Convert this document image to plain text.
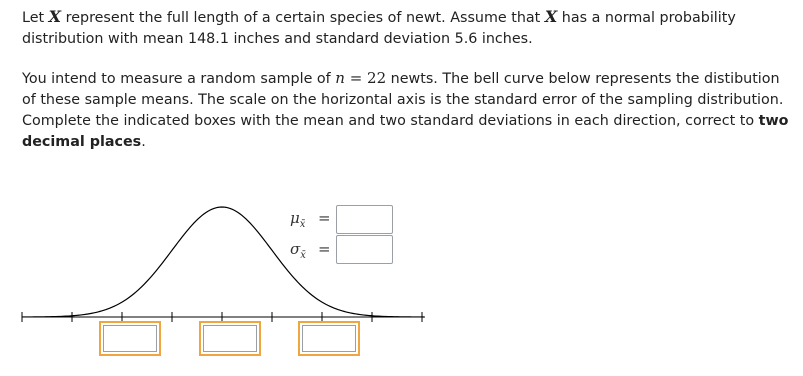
Let X represent the full length of a certain species of newt. Assume that X has a normal probability distribution with mean 148.1 inches and standard deviation 5.6 inches.

You intend to measure a random sample of n = 22 newts. The bell curve below represents the distibution of these sample means. The scale on the horizontal axis is the standard error of the sampling distribution. Complete the indicated boxes with the mean and two standard deviations in each direction, correct to two decimal places.

$\mu_{x̄}$ =
$\sigma_{x̄}$ =
